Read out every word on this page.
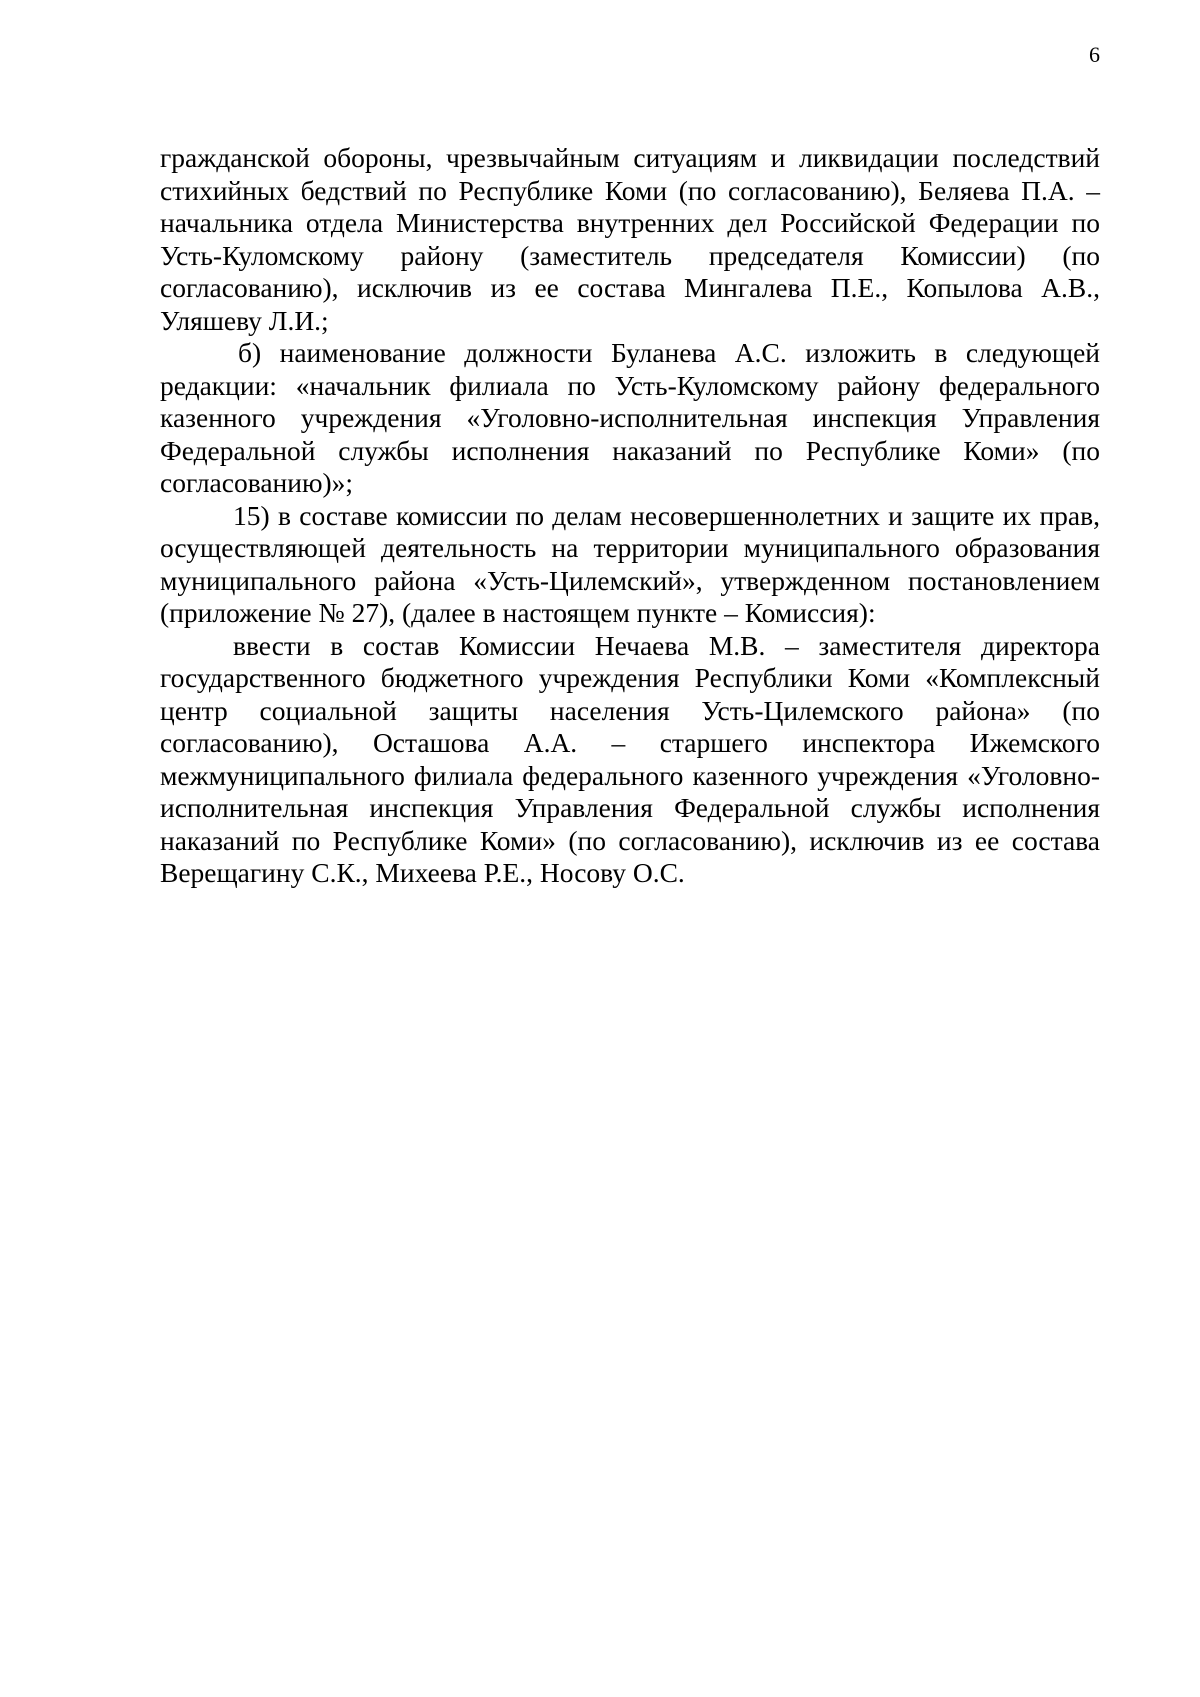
6

гражданской обороны, чрезвычайным ситуациям и ликвидации последствий стихийных бедствий по Республике Коми (по согласованию), Беляева П.А. – начальника отдела Министерства внутренних дел Российской Федерации по Усть-Куломскому району (заместитель председателя Комиссии) (по согласованию), исключив из ее состава Мингалева П.Е., Копылова А.В., Уляшеву Л.И.;

б) наименование должности Буланева А.С. изложить в следующей редакции: «начальник филиала по Усть-Куломскому району федерального казенного учреждения «Уголовно-исполнительная инспекция Управления Федеральной службы исполнения наказаний по Республике Коми» (по согласованию)»;

15) в составе комиссии по делам несовершеннолетних и защите их прав, осуществляющей деятельность на территории муниципального образования муниципального района «Усть-Цилемский», утвержденном постановлением (приложение № 27), (далее в настоящем пункте – Комиссия):

ввести в состав Комиссии Нечаева М.В. – заместителя директора государственного бюджетного учреждения Республики Коми «Комплексный центр социальной защиты населения Усть-Цилемского района» (по согласованию), Осташова А.А. – старшего инспектора Ижемского межмуниципального филиала федерального казенного учреждения «Уголовно-исполнительная инспекция Управления Федеральной службы исполнения наказаний по Республике Коми» (по согласованию), исключив из ее состава Верещагину С.К., Михеева Р.Е., Носову О.С.
